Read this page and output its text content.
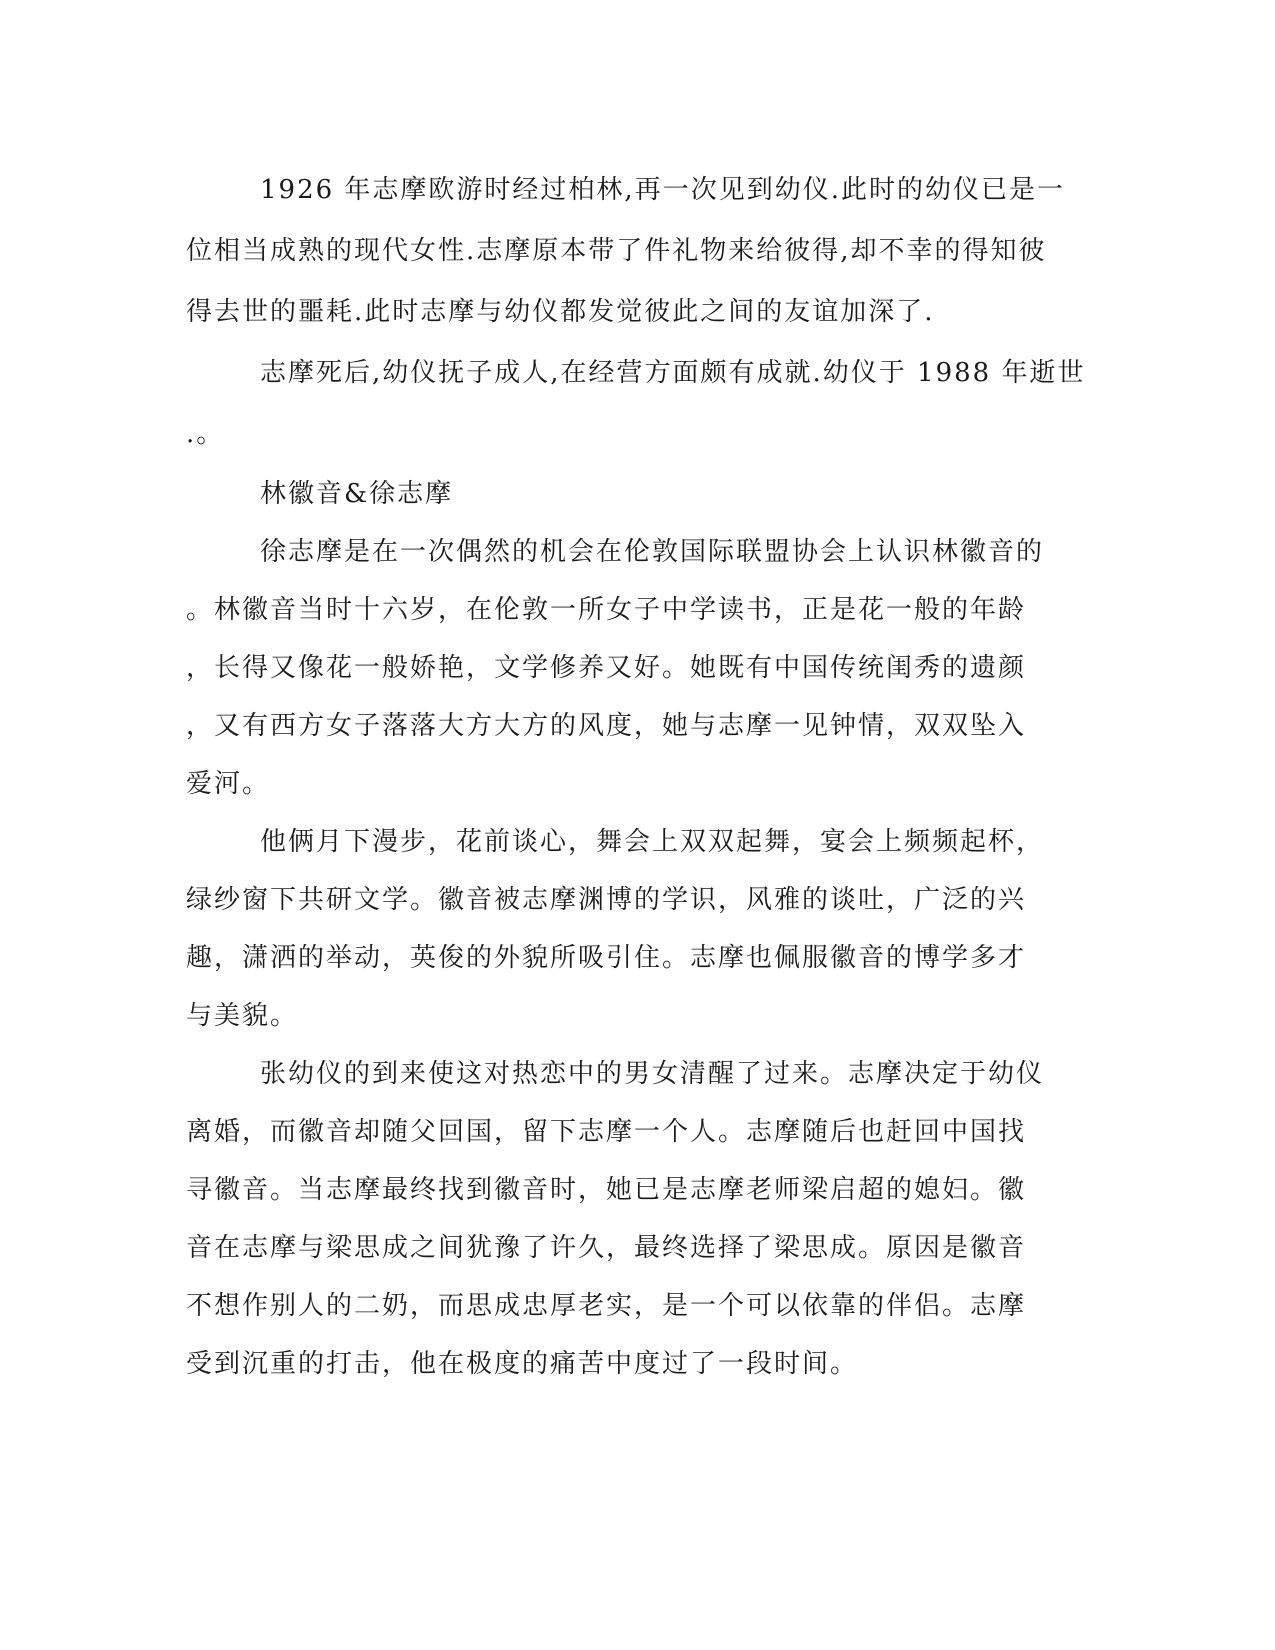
1926 年志摩欧游时经过柏林,再一次见到幼仪.此时的幼仪已是一
位相当成熟的现代女性.志摩原本带了件礼物来给彼得,却不幸的得知彼
得去世的噩耗.此时志摩与幼仪都发觉彼此之间的友谊加深了.
志摩死后,幼仪抚子成人,在经营方面颇有成就.幼仪于 1988 年逝世
.。
林徽音&徐志摩
徐志摩是在一次偶然的机会在伦敦国际联盟协会上认识林徽音的
。林徽音当时十六岁，在伦敦一所女子中学读书，正是花一般的年龄
，长得又像花一般娇艳，文学修养又好。她既有中国传统闺秀的遗颜
，又有西方女子落落大方大方的风度，她与志摩一见钟情，双双坠入
爱河。
他俩月下漫步，花前谈心，舞会上双双起舞，宴会上频频起杯，
绿纱窗下共研文学。徽音被志摩渊博的学识，风雅的谈吐，广泛的兴
趣，潇洒的举动，英俊的外貌所吸引住。志摩也佩服徽音的博学多才
与美貌。
张幼仪的到来使这对热恋中的男女清醒了过来。志摩决定于幼仪
离婚，而徽音却随父回国，留下志摩一个人。志摩随后也赶回中国找
寻徽音。当志摩最终找到徽音时，她已是志摩老师梁启超的媳妇。徽
音在志摩与梁思成之间犹豫了许久，最终选择了梁思成。原因是徽音
不想作别人的二奶，而思成忠厚老实，是一个可以依靠的伴侣。志摩
受到沉重的打击，他在极度的痛苦中度过了一段时间。
